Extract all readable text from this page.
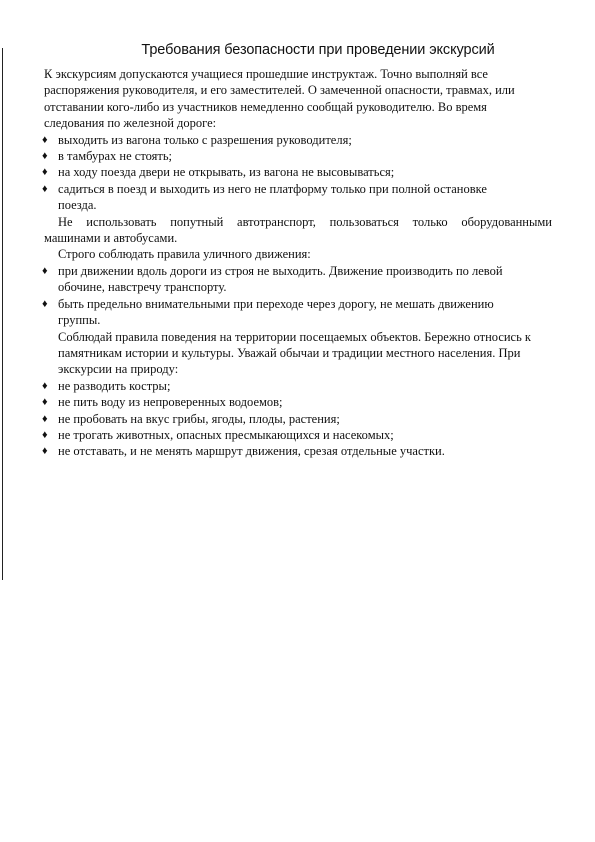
Требования безопасности при проведении экскурсий

К экскурсиям допускаются учащиеся прошедшие инструктаж. Точно выполняй все

распоряжения руководителя, и его заместителей. О замеченной опасности, травмах, или

отставании кого-либо из участников немедленно сообщай руководителю. Во время

следования по железной дороге:

♦ выходить из вагона только с разрешения руководителя;
♦ в тамбурах не стоять;
♦ на ходу поезда двери не открывать, из вагона не высовываться;
♦ садиться в поезд и выходить из него не платформу только при полной остановке
поезда.

Не использовать попутный автотранспорт, пользоваться только оборудованными

машинами и автобусами.

Строго соблюдать правила уличного движения:

♦ при движении вдоль дороги из строя не выходить. Движение производить по левой
обочине, навстречу транспорту.
♦ быть предельно внимательными при переходе через дорогу, не мешать движению
группы.

Соблюдай правила поведения на территории посещаемых объектов. Бережно относись к

памятникам истории и культуры. Уважай обычаи и традиции местного населения. При

экскурсии на природу:

♦ не разводить костры;
♦ не пить воду из непроверенных водоемов;
♦ не пробовать на вкус грибы, ягоды, плоды, растения;
♦ не трогать животных, опасных пресмыкающихся и насекомых;
♦ не отставать, и не менять маршрут движения, срезая отдельные участки.
